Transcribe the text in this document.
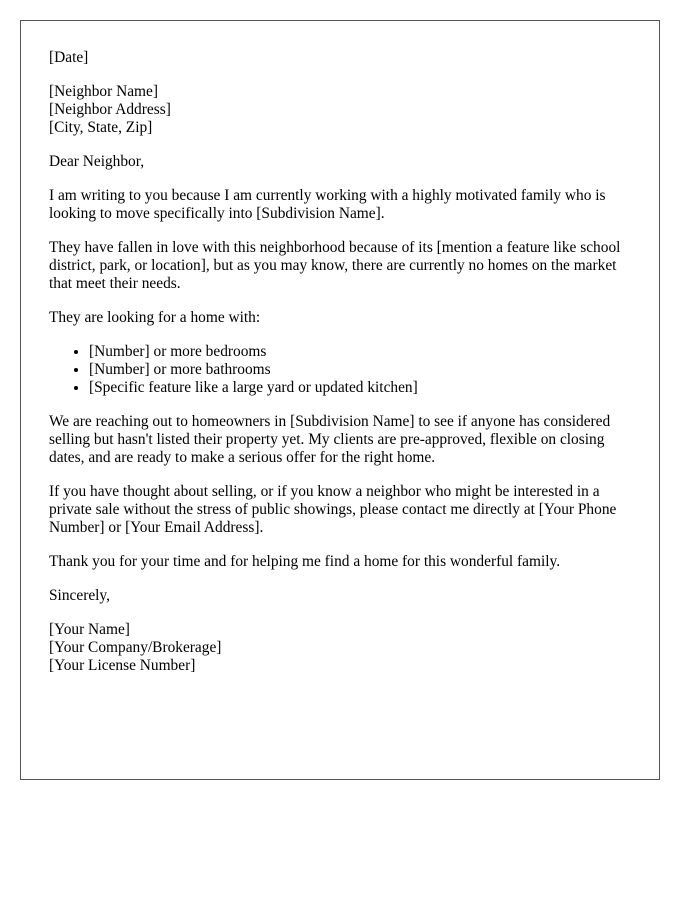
[Date]

[Neighbor Name]
[Neighbor Address]
[City, State, Zip]

Dear Neighbor,

I am writing to you because I am currently working with a highly motivated family who is looking to move specifically into [Subdivision Name].

They have fallen in love with this neighborhood because of its [mention a feature like school district, park, or location], but as you may know, there are currently no homes on the market that meet their needs.

They are looking for a home with:

• [Number] or more bedrooms
• [Number] or more bathrooms
• [Specific feature like a large yard or updated kitchen]

We are reaching out to homeowners in [Subdivision Name] to see if anyone has considered selling but hasn't listed their property yet. My clients are pre-approved, flexible on closing dates, and are ready to make a serious offer for the right home.

If you have thought about selling, or if you know a neighbor who might be interested in a private sale without the stress of public showings, please contact me directly at [Your Phone Number] or [Your Email Address].

Thank you for your time and for helping me find a home for this wonderful family.

Sincerely,

[Your Name]
[Your Company/Brokerage]
[Your License Number]
